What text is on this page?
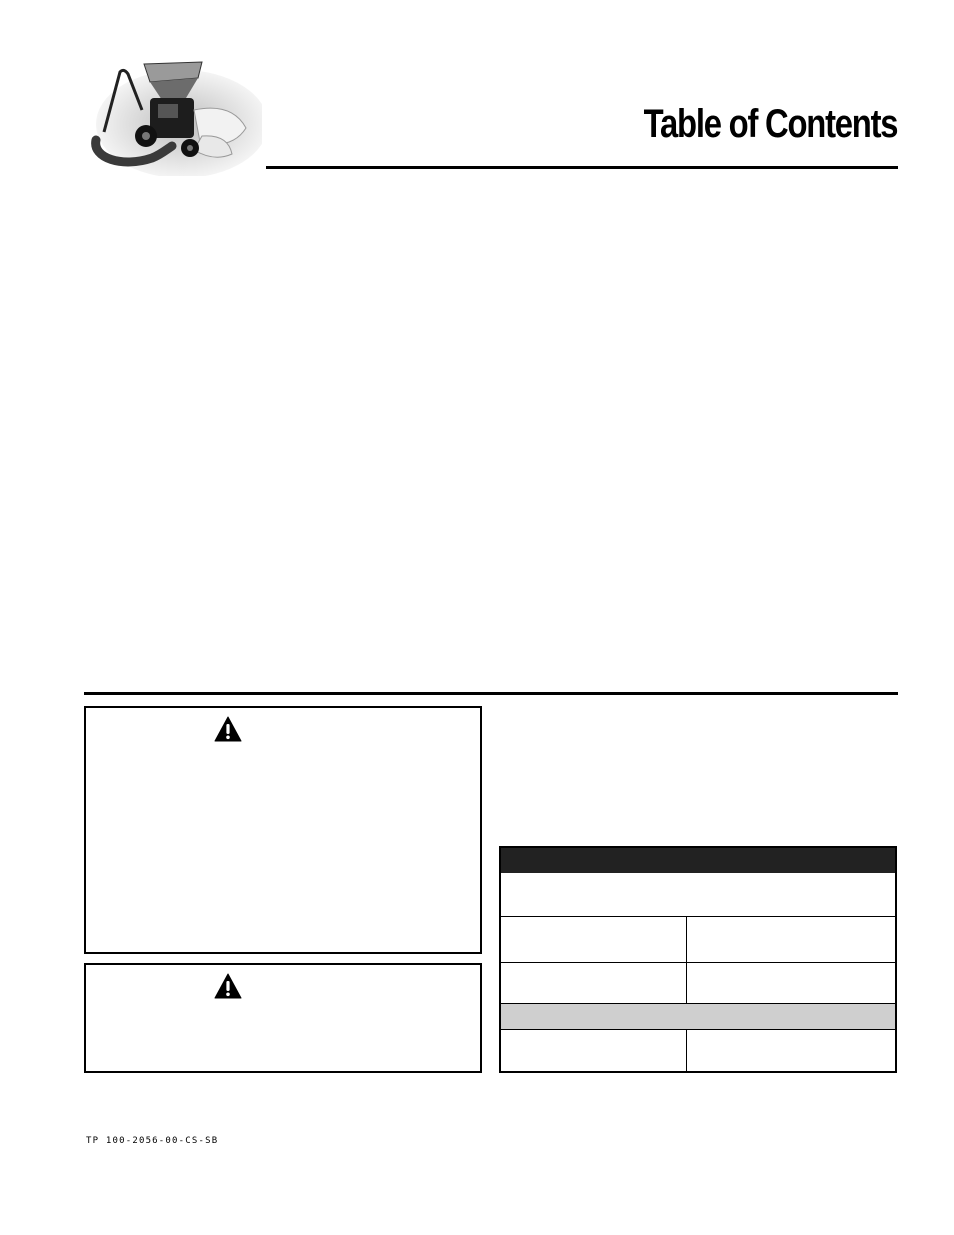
Table of Contents

TP 100-2056-00-CS-SB
